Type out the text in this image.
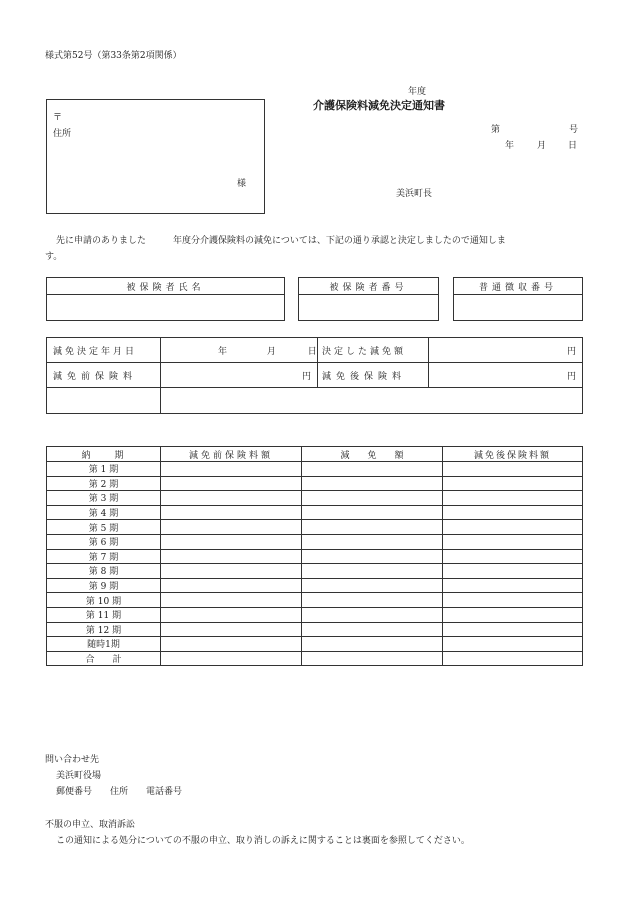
様式第52号（第33条第2項関係）
年度
介護保険料減免決定通知書
〒
住所
様
第	号
年	月 日
美浜町長
先に申請のありました　　　年度分介護保険料の減免については、下記の通り承認と決定しましたので通知しま
す。
被保険者氏名	被保険者番号	普通徴収番号

減免決定年月日	年 月 日	決定した減免額	円
減免前保険料	円	減免後保険料	円

納　　期	減免前保険料額	減　　免　　額	減免後保険料額
第 1 期			
第 2 期			
第 3 期			
第 4 期			
第 5 期			
第 6 期			
第 7 期			
第 8 期			
第 9 期			
第 10 期			
第 11 期			
第 12 期			
随時1期			
合　　計			
問い合わせ先
美浜町役場
郵便番号　　住所　　電話番号
不服の申立、取消訴訟
この通知による処分についての不服の申立、取り消しの訴えに関することは裏面を参照してください。
